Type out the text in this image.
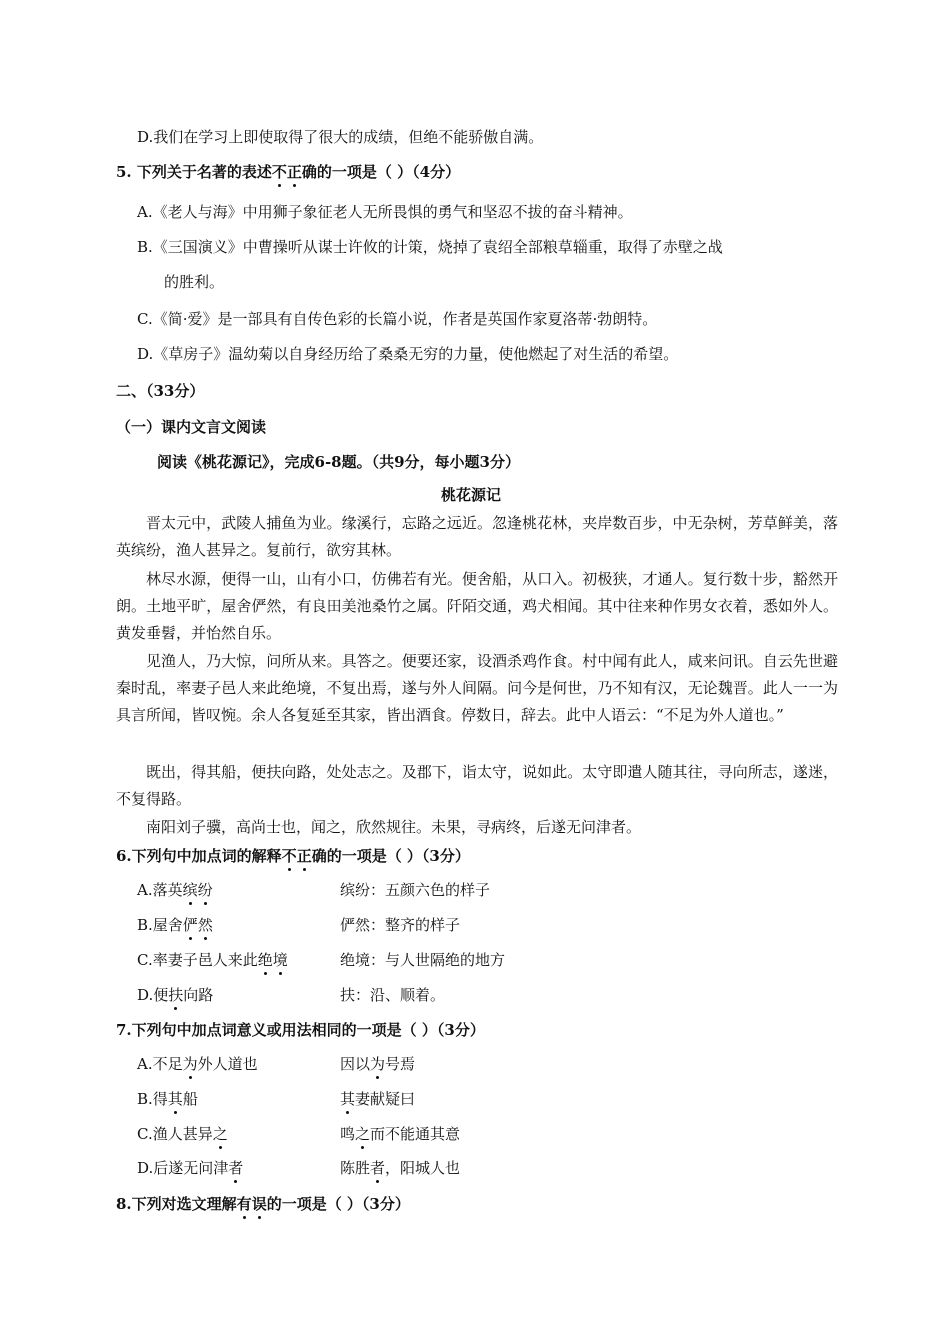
D.我们在学习上即使取得了很大的成绩，但绝不能骄傲自满。
5. 下列关于名著的表述不正确的一项是（ ）（4分）
A.《老人与海》中用狮子象征老人无所畏惧的勇气和坚忍不拔的奋斗精神。
B.《三国演义》中曹操听从谋士许攸的计策，烧掉了袁绍全部粮草辎重，取得了赤壁之战
的胜利。
C.《简·爱》是一部具有自传色彩的长篇小说，作者是英国作家夏洛蒂·勃朗特。
D.《草房子》温幼菊以自身经历给了桑桑无穷的力量，使他燃起了对生活的希望。
二、（33分）
（一）课内文言文阅读
阅读《桃花源记》，完成6-8题。（共9分，每小题3分）
桃花源记
晋太元中，武陵人捕鱼为业。缘溪行，忘路之远近。忽逢桃花林，夹岸数百步，中无杂树，芳草鲜美，落英缤纷，渔人甚异之。复前行，欲穷其林。
林尽水源，便得一山，山有小口，仿佛若有光。便舍船，从口入。初极狭，才通人。复行数十步，豁然开朗。土地平旷，屋舍俨然，有良田美池桑竹之属。阡陌交通，鸡犬相闻。其中往来种作男女衣着，悉如外人。黄发垂髫，并怡然自乐。
见渔人，乃大惊，问所从来。具答之。便要还家，设酒杀鸡作食。村中闻有此人，咸来问讯。自云先世避秦时乱，率妻子邑人来此绝境，不复出焉，遂与外人间隔。问今是何世，乃不知有汉，无论魏晋。此人一一为具言所闻，皆叹惋。余人各复延至其家，皆出酒食。停数日，辞去。此中人语云：“不足为外人道也。”
既出，得其船，便扶向路，处处志之。及郡下，诣太守，说如此。太守即遣人随其往，寻向所志，遂迷，不复得路。
南阳刘子骥，高尚士也，闻之，欣然规往。未果，寻病终，后遂无问津者。
6.下列句中加点词的解释不正确的一项是（ ）（3分）
A.落英缤纷	缤纷：五颜六色的样子
B.屋舍俨然	俨然：整齐的样子
C.率妻子邑人来此绝境	绝境：与人世隔绝的地方
D.便扶向路	扶：沿、顺着。
7.下列句中加点词意义或用法相同的一项是（ ）（3分）
A.不足为外人道也	因以为号焉
B.得其船	其妻献疑曰
C.渔人甚异之	鸣之而不能通其意
D.后遂无问津者	陈胜者，阳城人也
8.下列对选文理解有误的一项是（ ）（3分）
